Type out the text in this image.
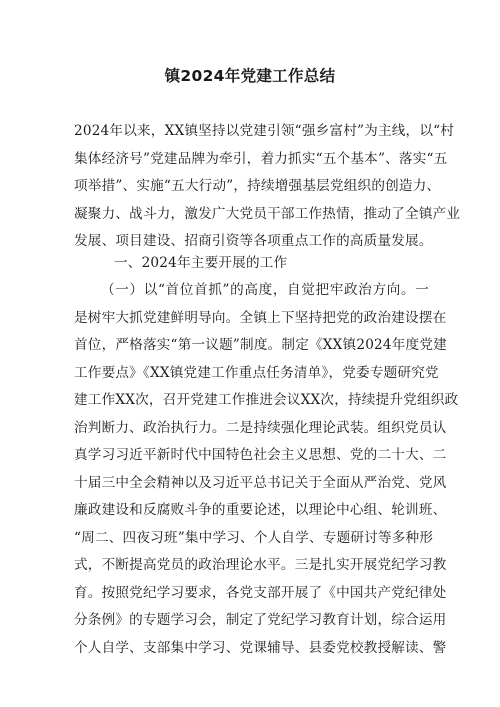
镇2024年党建工作总结
2024年以来，XX镇坚持以党建引领“强乡富村”为主线，以“村
集体经济号”党建品牌为牵引，着力抓实“五个基本”、落实“五
项举措”、实施“五大行动”，持续增强基层党组织的创造力、
凝聚力、战斗力，激发广大党员干部工作热情，推动了全镇产业
发展、项目建设、招商引资等各项重点工作的高质量发展。
一、2024年主要开展的工作
（一）以“首位首抓”的高度，自觉把牢政治方向。一
是树牢大抓党建鲜明导向。全镇上下坚持把党的政治建设摆在
首位，严格落实“第一议题”制度。制定《XX镇2024年度党建
工作要点》《XX镇党建工作重点任务清单》，党委专题研究党
建工作XX次，召开党建工作推进会议XX次，持续提升党组织政
治判断力、政治执行力。二是持续强化理论武装。组织党员认
真学习习近平新时代中国特色社会主义思想、党的二十大、二
十届三中全会精神以及习近平总书记关于全面从严治党、党风
廉政建设和反腐败斗争的重要论述，以理论中心组、轮训班、
“周二、四夜习班”集中学习、个人自学、专题研讨等多种形
式，不断提高党员的政治理论水平。三是扎实开展党纪学习教
育。按照党纪学习要求，各党支部开展了《中国共产党纪律处
分条例》的专题学习会，制定了党纪学习教育计划，综合运用
个人自学、支部集中学习、党课辅导、县委党校教授解读、警
